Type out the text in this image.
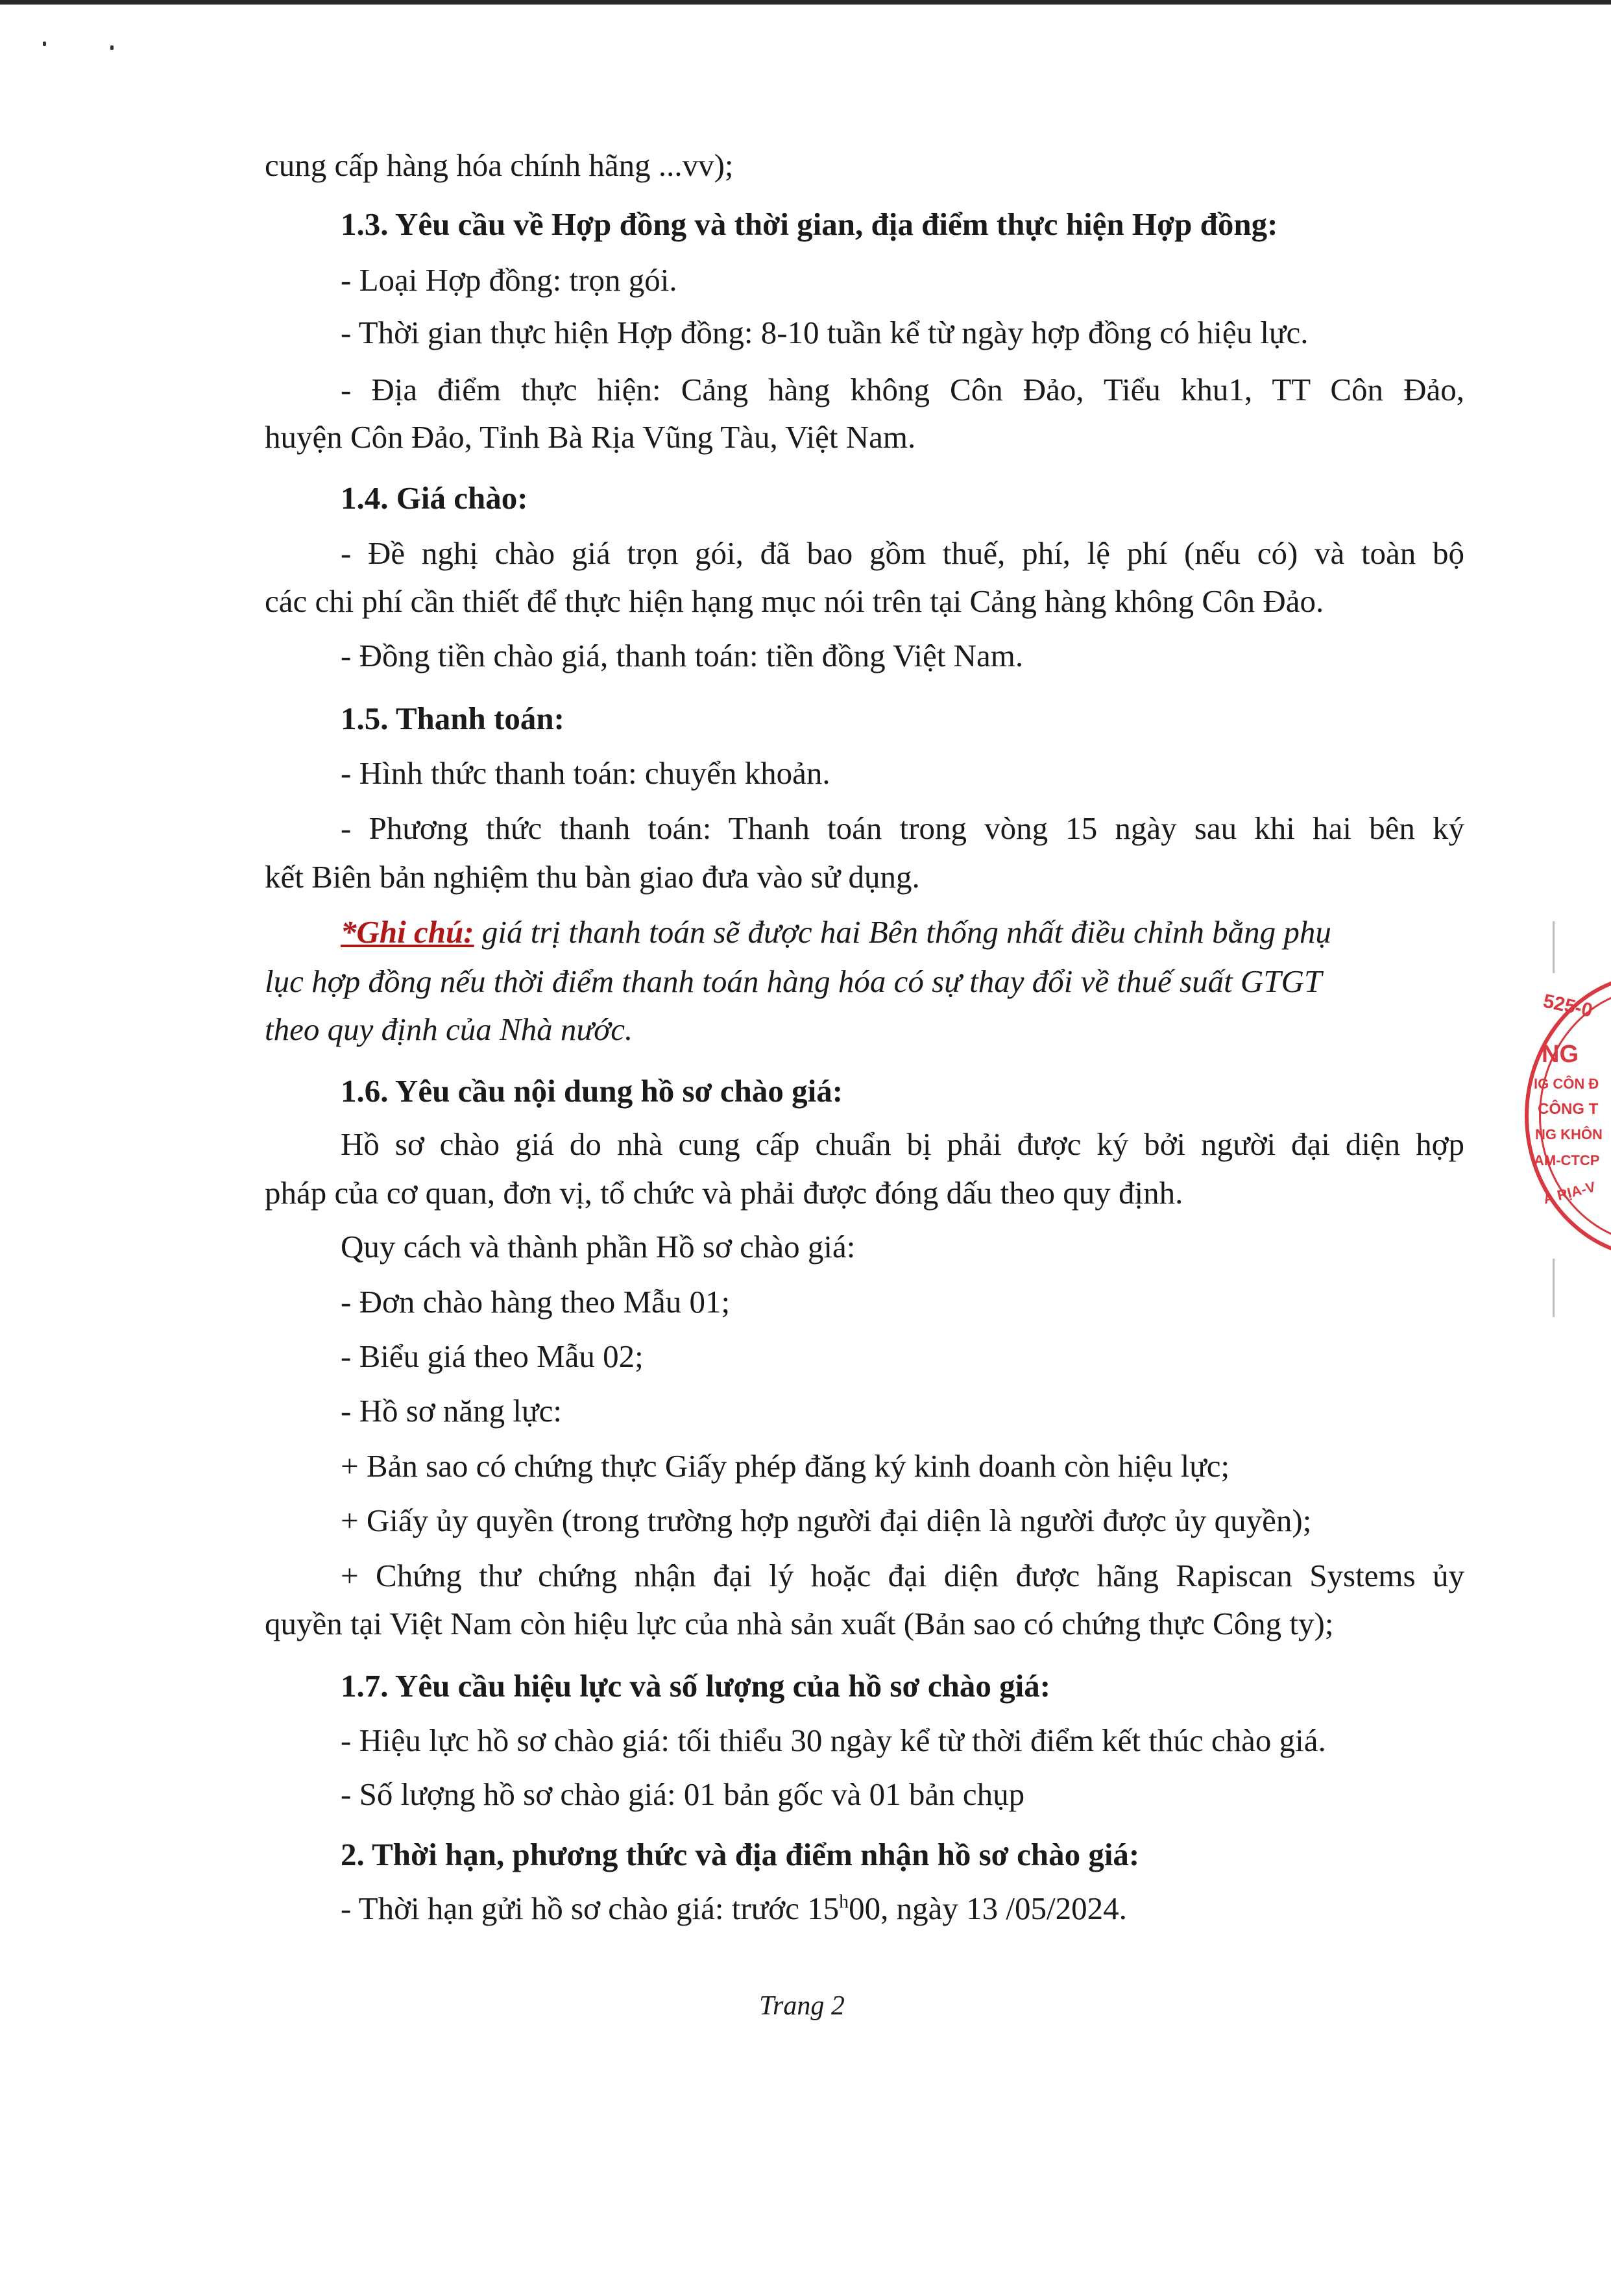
cung cấp hàng hóa chính hãng ...vv);
1.3. Yêu cầu về Hợp đồng và thời gian, địa điểm thực hiện Hợp đồng:
- Loại Hợp đồng: trọn gói.
- Thời gian thực hiện Hợp đồng: 8-10 tuần kể từ ngày hợp đồng có hiệu lực.
- Địa điểm thực hiện: Cảng hàng không Côn Đảo, Tiểu khu1, TT Côn Đảo,
huyện Côn Đảo, Tỉnh Bà Rịa Vũng Tàu, Việt Nam.
1.4. Giá chào:
- Đề nghị chào giá trọn gói, đã bao gồm thuế, phí, lệ phí (nếu có) và toàn bộ
các chi phí cần thiết để thực hiện hạng mục nói trên tại Cảng hàng không Côn Đảo.
- Đồng tiền chào giá, thanh toán: tiền đồng Việt Nam.
1.5. Thanh toán:
- Hình thức thanh toán: chuyển khoản.
- Phương thức thanh toán: Thanh toán trong vòng 15 ngày sau khi hai bên ký
kết Biên bản nghiệm thu bàn giao đưa vào sử dụng.
*Ghi chú: giá trị thanh toán sẽ được hai Bên thống nhất điều chỉnh bằng phụ
lục hợp đồng nếu thời điểm thanh toán hàng hóa có sự thay đổi về thuế suất GTGT
theo quy định của Nhà nước.
1.6. Yêu cầu nội dung hồ sơ chào giá:
Hồ sơ chào giá do nhà cung cấp chuẩn bị phải được ký bởi người đại diện hợp
pháp của cơ quan, đơn vị, tổ chức và phải được đóng dấu theo quy định.
Quy cách và thành phần Hồ sơ chào giá:
- Đơn chào hàng theo Mẫu 01;
- Biểu giá theo Mẫu 02;
- Hồ sơ năng lực:
+ Bản sao có chứng thực Giấy phép đăng ký kinh doanh còn hiệu lực;
+ Giấy ủy quyền (trong trường hợp người đại diện là người được ủy quyền);
+ Chứng thư chứng nhận đại lý hoặc đại diện được hãng Rapiscan Systems ủy
quyền tại Việt Nam còn hiệu lực của nhà sản xuất (Bản sao có chứng thực Công ty);
1.7. Yêu cầu hiệu lực và số lượng của hồ sơ chào giá:
- Hiệu lực hồ sơ chào giá: tối thiểu 30 ngày kể từ thời điểm kết thúc chào giá.
- Số lượng hồ sơ chào giá: 01 bản gốc và 01 bản chụp
2. Thời hạn, phương thức và địa điểm nhận hồ sơ chào giá:
- Thời hạn gửi hồ sơ chào giá: trước 15$^h$00, ngày 13 /05/2024.
Trang 2
525-0
NG
IG CÔN Đ
CÔNG T
NG KHÔN
AM-CTCP
À RỊA-V
